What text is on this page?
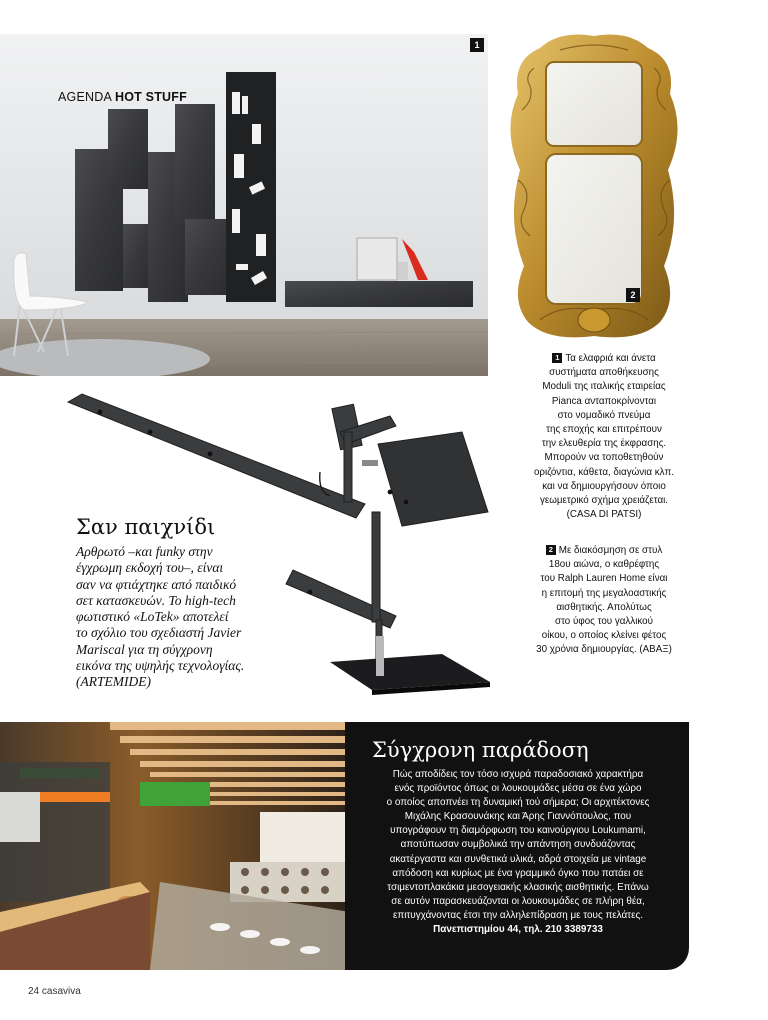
AGENDA HOT STUFF
1
2
1 Τα ελαφριά και άνετα
συστήματα αποθήκευσης
Moduli της ιταλικής εταιρείας
Pianca ανταποκρίνονται
στο νομαδικό πνεύμα
της εποχής και επιτρέπουν
την ελευθερία της έκφρασης.
Μπορούν να τοποθετηθούν
οριζόντια, κάθετα, διαγώνια κλπ.
και να δημιουργήσουν όποιο
γεωμετρικό σχήμα χρειάζεται.
(CASA DI PATSI)
2 Με διακόσμηση σε στυλ
18ου αιώνα, ο καθρέφτης
του Ralph Lauren Home είναι
η επιτομή της μεγαλοαστικής
αισθητικής. Απολύτως
στο ύφος του γαλλικού
οίκου, ο οποίος κλείνει φέτος
30 χρόνια δημιουργίας. (ΑΒΑΞ)
Σαν παιχνίδι
Αρθρωτό –και funky στην
έγχρωμη εκδοχή του–, είναι
σαν να φτιάχτηκε από παιδικό
σετ κατασκευών. Το high-tech
φωτιστικό «LoTek» αποτελεί
το σχόλιο του σχεδιαστή Javier
Mariscal για τη σύγχρονη
εικόνα της υψηλής τεχνολογίας.
(ARTEMIDE)
Σύγχρονη παράδοση
Πώς αποδίδεις τον τόσο ισχυρά παραδοσιακό χαρακτήρα
ενός προϊόντος όπως οι λουκουμάδες μέσα σε ένα χώρο
ο οποίος αποπνέει τη δυναμική τού σήμερα; Οι αρχιτέκτονες
Μιχάλης Κρασουνάκης και Άρης Γιαννόπουλος, που
υπογράφουν τη διαμόρφωση του καινούργιου Loukumami,
αποτύπωσαν συμβολικά την απάντηση συνδυάζοντας
ακατέργαστα και συνθετικά υλικά, αδρά στοιχεία με vintage
απόδοση και κυρίως με ένα γραμμικό όγκο που πατάει σε
τσιμεντοπλακάκια μεσογειακής κλασικής αισθητικής. Επάνω
σε αυτόν παρασκευάζονται οι λουκουμάδες σε πλήρη θέα,
επιτυγχάνοντας έτσι την αλληλεπίδραση με τους πελάτες.
Πανεπιστημίου 44, τηλ. 210 3389733
24 casaviva
